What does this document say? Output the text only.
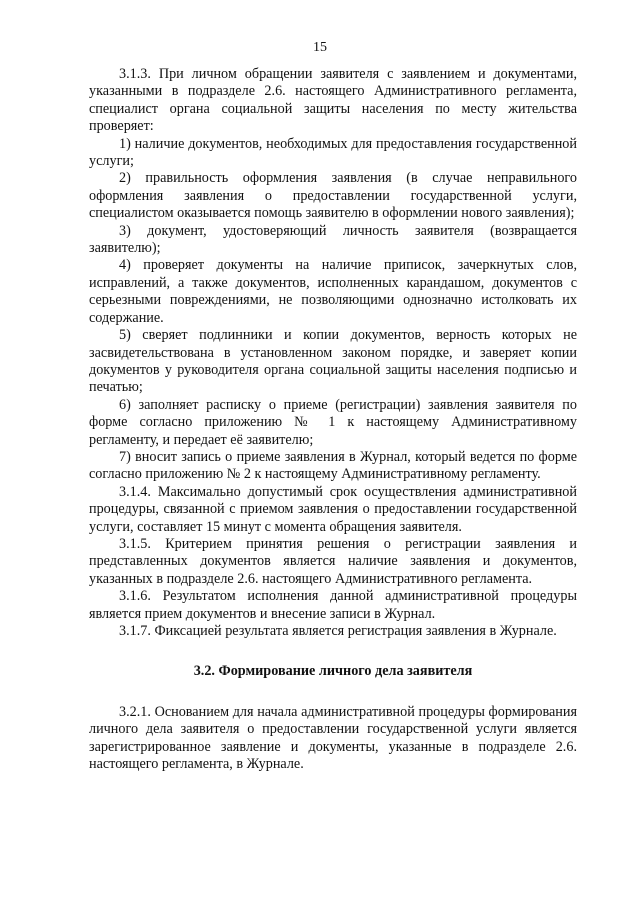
15

3.1.3. При личном обращении заявителя с заявлением и документами, указанными в подразделе 2.6. настоящего Административного регламента, специалист органа социальной защиты населения по месту жительства проверяет:

1) наличие документов, необходимых для предоставления государственной услуги;

2) правильность оформления заявления (в случае неправильного оформления заявления о предоставлении государственной услуги, специалистом оказывается помощь заявителю в оформлении нового заявления);

3) документ, удостоверяющий личность заявителя (возвращается заявителю);

4) проверяет документы на наличие приписок, зачеркнутых слов, исправлений, а также документов, исполненных карандашом, документов с серьезными повреждениями, не позволяющими однозначно истолковать их содержание.

5) сверяет подлинники и копии документов, верность которых не засвидетельствована в установленном законом порядке, и заверяет копии документов у руководителя органа социальной защиты населения подписью и печатью;

6) заполняет расписку о приеме (регистрации) заявления заявителя по форме согласно приложению № 1 к настоящему Административному регламенту, и передает её заявителю;

7) вносит запись о приеме заявления в Журнал, который ведется по форме согласно приложению № 2 к настоящему Административному регламенту.

3.1.4. Максимально допустимый срок осуществления административной процедуры, связанной с приемом заявления о предоставлении государственной услуги, составляет 15 минут с момента обращения заявителя.

3.1.5. Критерием принятия решения о регистрации заявления и представленных документов является наличие заявления и документов, указанных в подразделе 2.6. настоящего Административного регламента.

3.1.6. Результатом исполнения данной административной процедуры является прием документов и внесение записи в Журнал.

3.1.7. Фиксацией результата является регистрация заявления в Журнале.

3.2. Формирование личного дела заявителя

3.2.1. Основанием для начала административной процедуры формирования личного дела заявителя о предоставлении государственной услуги является зарегистрированное заявление и документы, указанные в подразделе 2.6. настоящего регламента, в Журнале.
